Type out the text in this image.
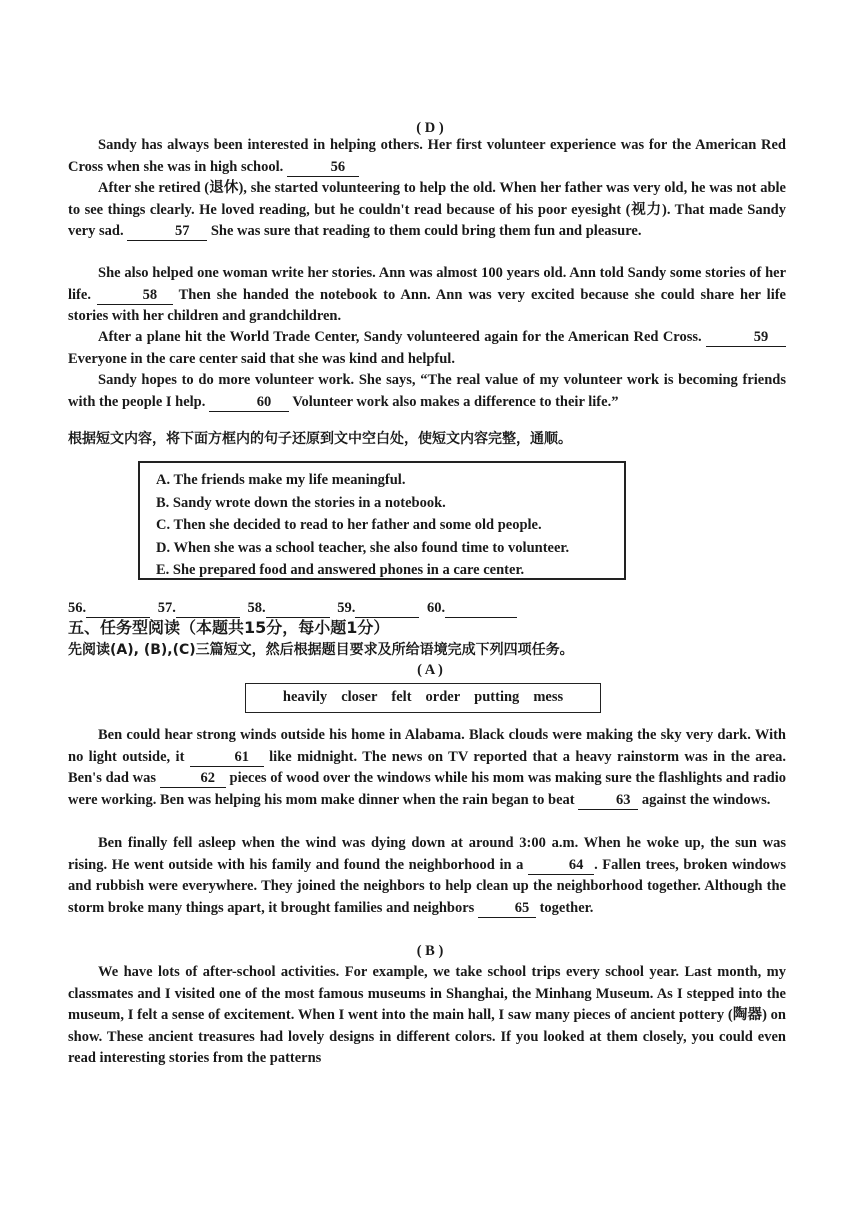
( D )
Sandy has always been interested in helping others. Her first volunteer experience was for the American Red Cross when she was in high school.	56
After she retired (退休), she started volunteering to help the old. When her father was very old, he was not able to see things clearly. He loved reading, but he couldn't read because of his poor eyesight (视力). That made Sandy very sad.	57 She was sure that reading to them could bring them fun and pleasure.
She also helped one woman write her stories. Ann was almost 100 years old. Ann told Sandy some stories of her life.	58 Then she handed the notebook to Ann. Ann was very excited because she could share her life stories with her children and grandchildren.
After a plane hit the World Trade Center, Sandy volunteered again for the American Red Cross.	59 Everyone in the care center said that she was kind and helpful.
Sandy hopes to do more volunteer work. She says, “The real value of my volunteer work is becoming friends with the people I help.	60 Volunteer work also makes a difference to their life.”
根据短文内容，将下面方框内的句子还原到文中空白处，使短文内容完整，通顺。
A. The friends make my life meaningful.
B. Sandy wrote down the stories in a notebook.
C. Then she decided to read to her father and some old people.
D. When she was a school teacher, she also found time to volunteer.
E. She prepared food and answered phones in a care center.
56.	57.	58.	59.	60.
五、任务型阅读（本题共15分，每小题1分）
先阅读(A), (B),(C)三篇短文，然后根据题目要求及所给语境完成下列四项任务。
( A )
heavily closer felt order putting mess
Ben could hear strong winds outside his home in Alabama. Black clouds were making the sky very dark. With no light outside, it	61 like midnight. The news on TV reported that a heavy rainstorm was in the area. Ben's dad was	62 pieces of wood over the windows while his mom was making sure the flashlights and radio were working. Ben was helping his mom make dinner when the rain began to beat	63 against the windows.
Ben finally fell asleep when the wind was dying down at around 3:00 a.m. When he woke up, the sun was rising. He went outside with his family and found the neighborhood in a	64 . Fallen trees, broken windows and rubbish were everywhere. They joined the neighbors to help clean up the neighborhood together. Although the storm broke many things apart, it brought families and neighbors	65 together.
( B )
We have lots of after-school activities. For example, we take school trips every school year. Last month, my classmates and I visited one of the most famous museums in Shanghai, the Minhang Museum. As I stepped into the museum, I felt a sense of excitement. When I went into the main hall, I saw many pieces of ancient pottery (陶器) on show. These ancient treasures had lovely designs in different colors. If you looked at them closely, you could even read interesting stories from the patterns
